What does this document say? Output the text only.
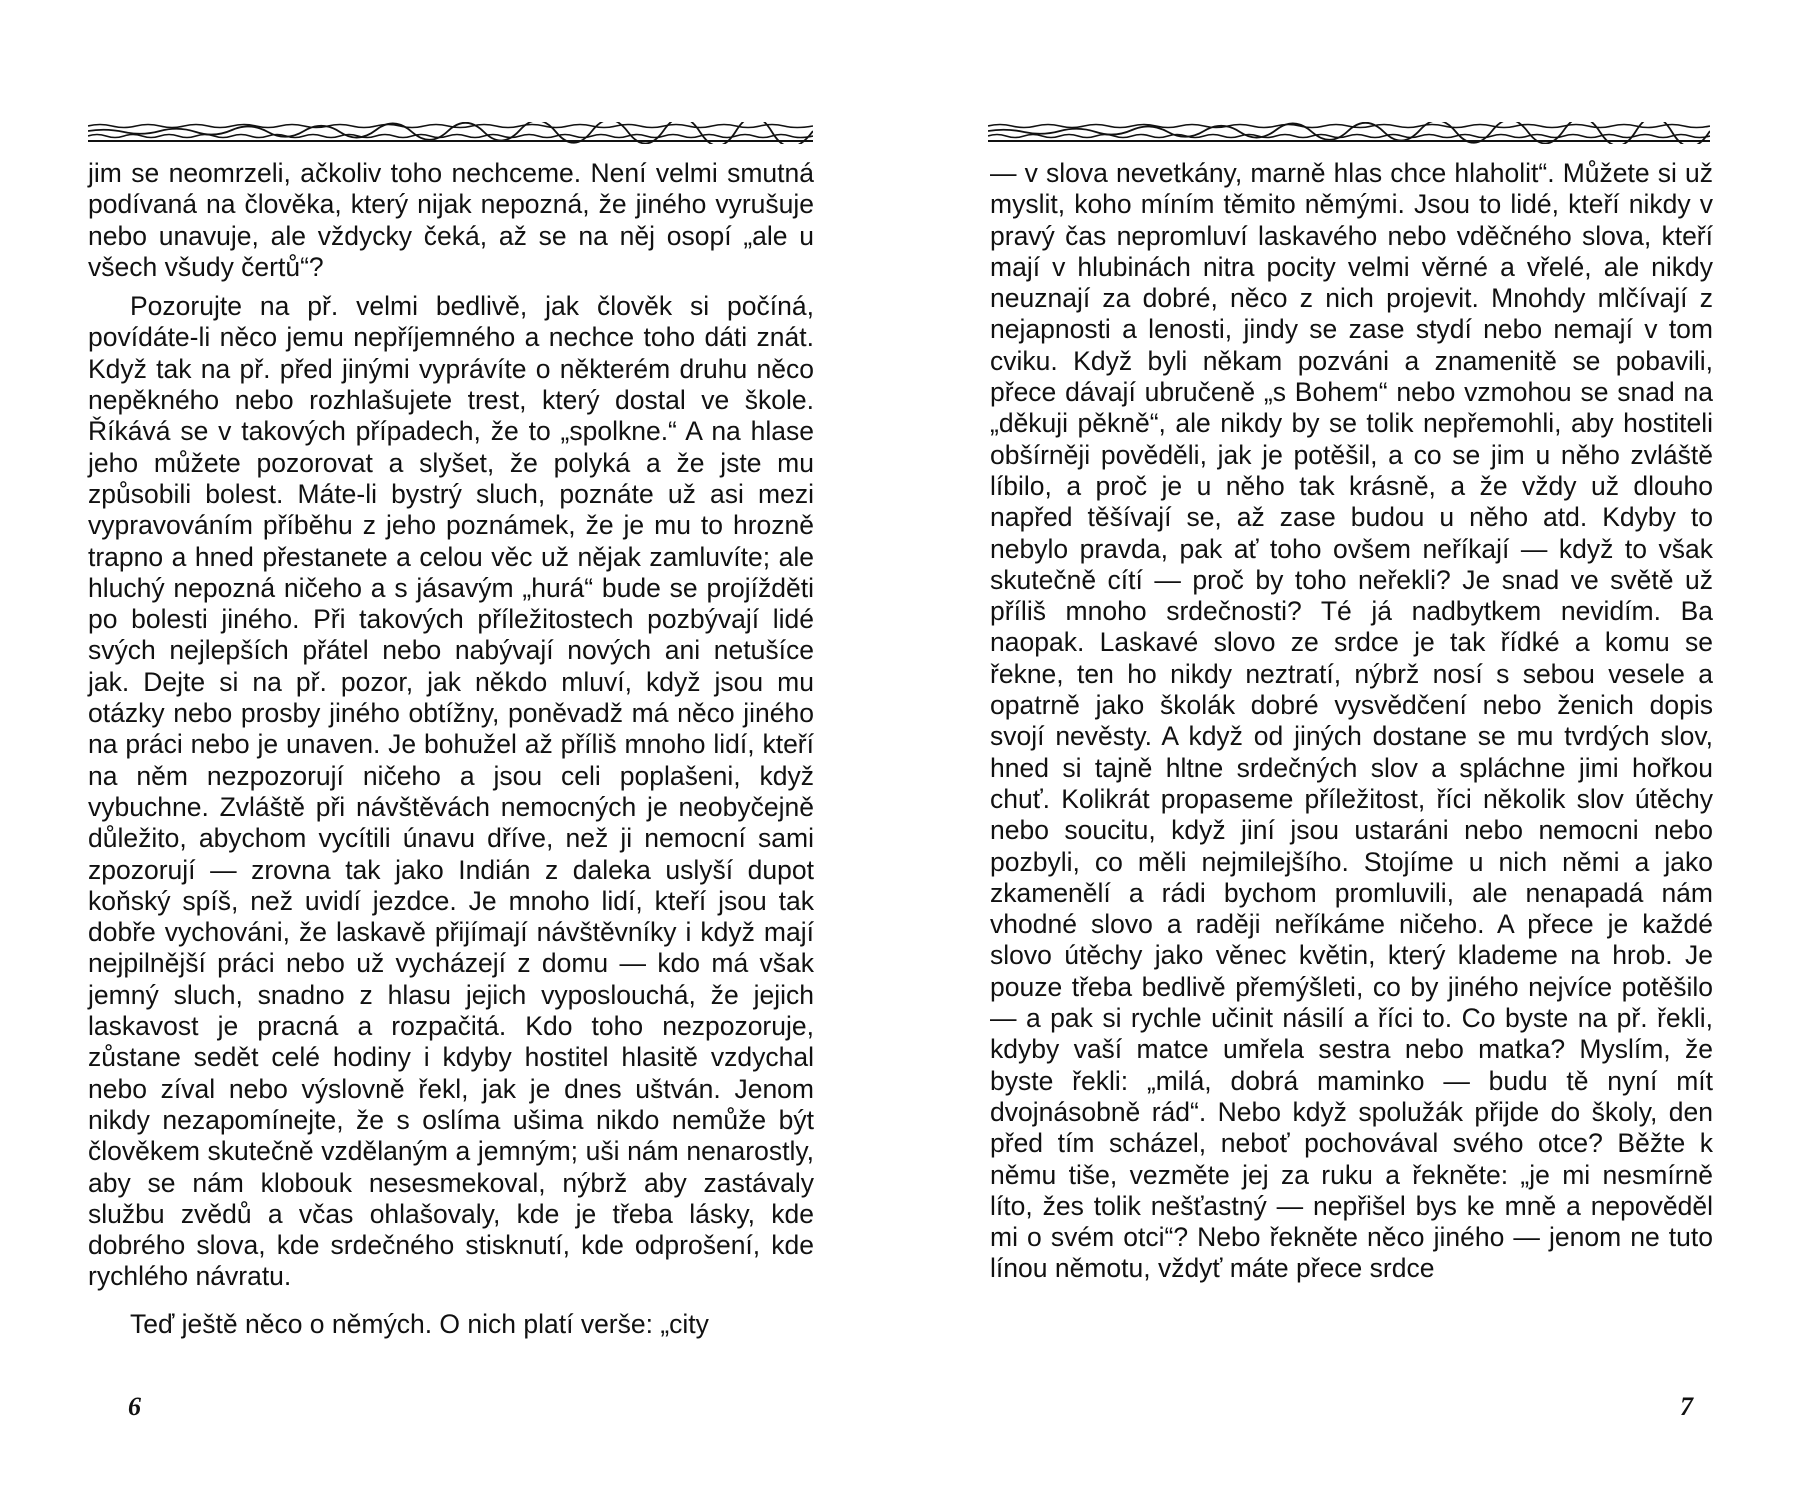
jim se neomrzeli, ačkoliv toho nechceme. Není velmi smutná podívaná na člověka, který nijak nepozná, že jiného vyrušuje nebo unavuje, ale vždycky čeká, až se na něj osopí „ale u všech všudy čertů“?

Pozorujte na př. velmi bedlivě, jak člověk si počíná, povídáte-li něco jemu nepříjemného a nechce toho dáti znát. Když tak na př. před jinými vyprávíte o některém druhu něco nepěkného nebo rozhlašujete trest, který dostal ve škole. Říkává se v takových případech, že to „spolkne.“ A na hlase jeho můžete pozorovat a slyšet, že polyká a že jste mu způsobili bolest. Máte-li bystrý sluch, poznáte už asi mezi vypravováním příběhu z jeho poznámek, že je mu to hrozně trapno a hned přestanete a celou věc už nějak zamluvíte; ale hluchý nepozná ničeho a s jásavým „hurá“ bude se projížděti po bolesti jiného. Při takových příležitostech pozbývají lidé svých nejlepších přátel nebo nabývají nových ani netušíce jak. Dejte si na př. pozor, jak někdo mluví, když jsou mu otázky nebo prosby jiného obtížny, poněvadž má něco jiného na práci nebo je unaven. Je bohužel až příliš mnoho lidí, kteří na něm nezpozorují ničeho a jsou celi poplašeni, když vybuchne. Zvláště při návštěvách nemocných je neobyčejně důležito, abychom vycítili únavu dříve, než ji nemocní sami zpozorují — zrovna tak jako Indián z daleka uslyší dupot koňský spíš, než uvidí jezdce. Je mnoho lidí, kteří jsou tak dobře vychováni, že laskavě přijímají návštěvníky i když mají nejpilnější práci nebo už vycházejí z domu — kdo má však jemný sluch, snadno z hlasu jejich vyposlouchá, že jejich laskavost je pracná a rozpačitá. Kdo toho nezpozoruje, zůstane sedět celé hodiny i kdyby hostitel hlasitě vzdychal nebo zíval nebo výslovně řekl, jak je dnes uštván. Jenom nikdy nezapomínejte, že s oslíma ušima nikdo nemůže být člověkem skutečně vzdělaným a jemným; uši nám nenarostly, aby se nám klobouk nesesmekoval, nýbrž aby zastávaly službu zvědů a včas ohlašovaly, kde je třeba lásky, kde dobrého slova, kde srdečného stisknutí, kde odprošení, kde rychlého návratu.

Teď ještě něco o němých. O nich platí verše: „city

6

— v slova nevetkány, marně hlas chce hlaholit“. Můžete si už myslit, koho míním těmito němými. Jsou to lidé, kteří nikdy v pravý čas nepromluví laskavého nebo vděčného slova, kteří mají v hlubinách nitra pocity velmi věrné a vřelé, ale nikdy neuznají za dobré, něco z nich projevit. Mnohdy mlčívají z nejapnosti a lenosti, jindy se zase stydí nebo nemají v tom cviku. Když byli někam pozváni a znamenitě se pobavili, přece dávají ubručeně „s Bohem“ nebo vzmohou se snad na „děkuji pěkně“, ale nikdy by se tolik nepřemohli, aby hostiteli obšírněji pověděli, jak je potěšil, a co se jim u něho zvláště líbilo, a proč je u něho tak krásně, a že vždy už dlouho napřed těšívají se, až zase budou u něho atd. Kdyby to nebylo pravda, pak ať toho ovšem neříkají — když to však skutečně cítí — proč by toho neřekli? Je snad ve světě už příliš mnoho srdečnosti? Té já nadbytkem nevidím. Ba naopak. Laskavé slovo ze srdce je tak řídké a komu se řekne, ten ho nikdy neztratí, nýbrž nosí s sebou vesele a opatrně jako školák dobré vysvědčení nebo ženich dopis svojí nevěsty. A když od jiných dostane se mu tvrdých slov, hned si tajně hltne srdečných slov a spláchne jimi hořkou chuť. Kolikrát propaseme příležitost, říci několik slov útěchy nebo soucitu, když jiní jsou ustaráni nebo nemocni nebo pozbyli, co měli nejmilejšího. Stojíme u nich němi a jako zkamenělí a rádi bychom promluvili, ale nenapadá nám vhodné slovo a raději neříkáme ničeho. A přece je každé slovo útěchy jako věnec květin, který klademe na hrob. Je pouze třeba bedlivě přemýšleti, co by jiného nejvíce potěšilo — a pak si rychle učinit násilí a říci to. Co byste na př. řekli, kdyby vaší matce umřela sestra nebo matka? Myslím, že byste řekli: „milá, dobrá maminko — budu tě nyní mít dvojnásobně rád“. Nebo když spolužák přijde do školy, den před tím scházel, neboť pochovával svého otce? Běžte k němu tiše, vezměte jej za ruku a řekněte: „je mi nesmírně líto, žes tolik nešťastný — nepřišel bys ke mně a nepověděl mi o svém otci“? Nebo řekněte něco jiného — jenom ne tuto línou němotu, vždyť máte přece srdce

7
